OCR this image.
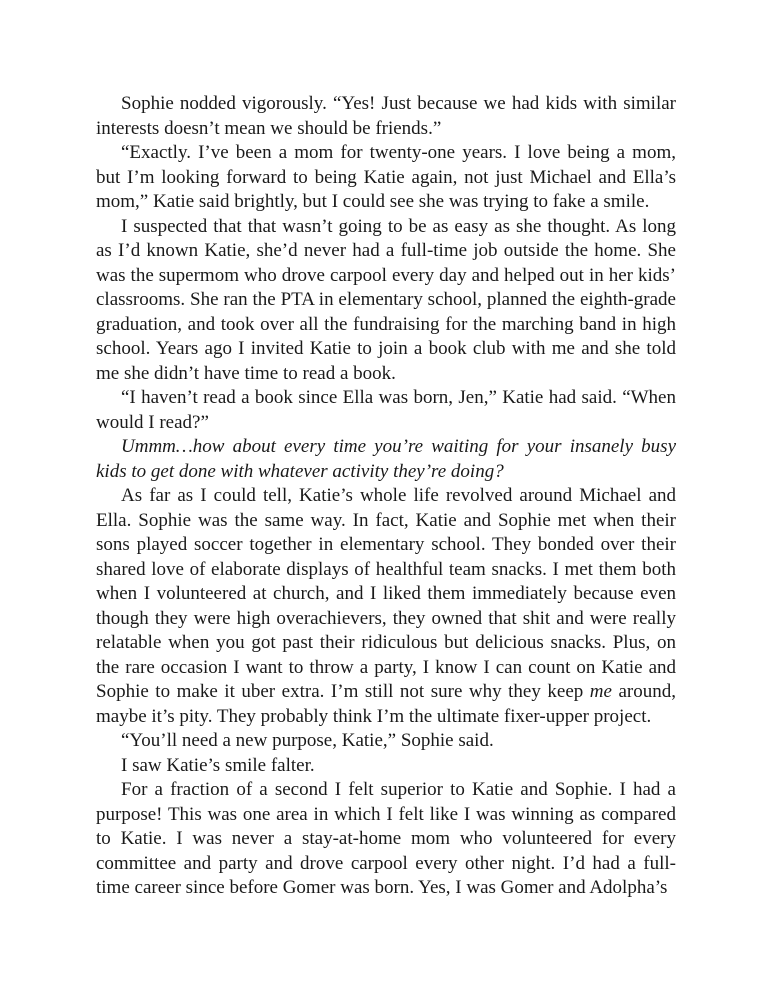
Sophie nodded vigorously. “Yes! Just because we had kids with similar interests doesn’t mean we should be friends.”

“Exactly. I’ve been a mom for twenty-one years. I love being a mom, but I’m looking forward to being Katie again, not just Michael and Ella’s mom,” Katie said brightly, but I could see she was trying to fake a smile.

I suspected that that wasn’t going to be as easy as she thought. As long as I’d known Katie, she’d never had a full-time job outside the home. She was the supermom who drove carpool every day and helped out in her kids’ classrooms. She ran the PTA in elementary school, planned the eighth-grade graduation, and took over all the fundraising for the marching band in high school. Years ago I invited Katie to join a book club with me and she told me she didn’t have time to read a book.

“I haven’t read a book since Ella was born, Jen,” Katie had said. “When would I read?”

Ummm…how about every time you’re waiting for your insanely busy kids to get done with whatever activity they’re doing?

As far as I could tell, Katie’s whole life revolved around Michael and Ella. Sophie was the same way. In fact, Katie and Sophie met when their sons played soccer together in elementary school. They bonded over their shared love of elaborate displays of healthful team snacks. I met them both when I volunteered at church, and I liked them immediately because even though they were high overachievers, they owned that shit and were really relatable when you got past their ridiculous but delicious snacks. Plus, on the rare occasion I want to throw a party, I know I can count on Katie and Sophie to make it uber extra. I’m still not sure why they keep me around, maybe it’s pity. They probably think I’m the ultimate fixer-upper project.

“You’ll need a new purpose, Katie,” Sophie said.

I saw Katie’s smile falter.

For a fraction of a second I felt superior to Katie and Sophie. I had a purpose! This was one area in which I felt like I was winning as compared to Katie. I was never a stay-at-home mom who volunteered for every committee and party and drove carpool every other night. I’d had a full-time career since before Gomer was born. Yes, I was Gomer and Adolpha’s
